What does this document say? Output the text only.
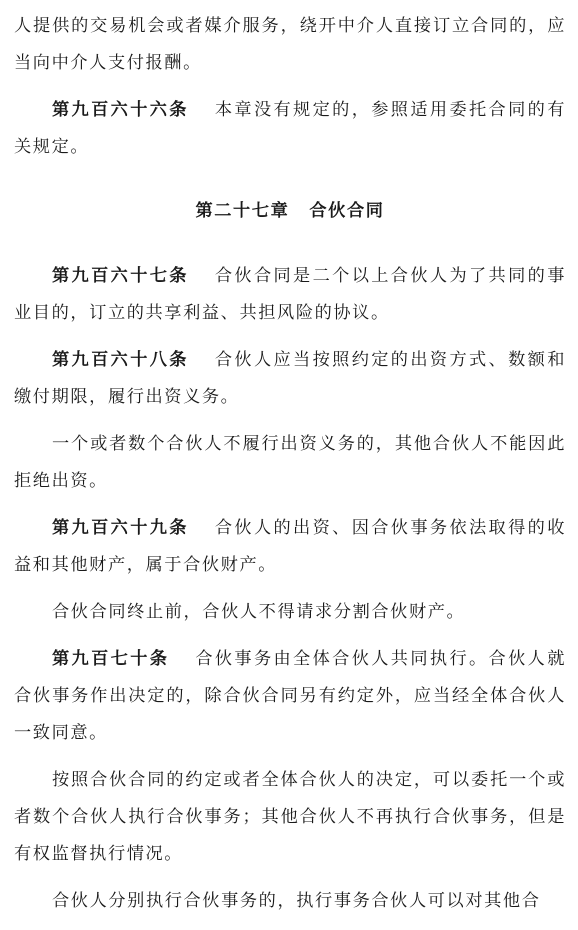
人提供的交易机会或者媒介服务，绕开中介人直接订立合同的，应当向中介人支付报酬。

第九百六十六条 本章没有规定的，参照适用委托合同的有关规定。

第二十七章 合伙合同

第九百六十七条 合伙合同是二个以上合伙人为了共同的事业目的，订立的共享利益、共担风险的协议。

第九百六十八条 合伙人应当按照约定的出资方式、数额和缴付期限，履行出资义务。

一个或者数个合伙人不履行出资义务的，其他合伙人不能因此拒绝出资。

第九百六十九条 合伙人的出资、因合伙事务依法取得的收益和其他财产，属于合伙财产。

合伙合同终止前，合伙人不得请求分割合伙财产。

第九百七十条 合伙事务由全体合伙人共同执行。合伙人就合伙事务作出决定的，除合伙合同另有约定外，应当经全体合伙人一致同意。

按照合伙合同的约定或者全体合伙人的决定，可以委托一个或者数个合伙人执行合伙事务；其他合伙人不再执行合伙事务，但是有权监督执行情况。

合伙人分别执行合伙事务的，执行事务合伙人可以对其他合
